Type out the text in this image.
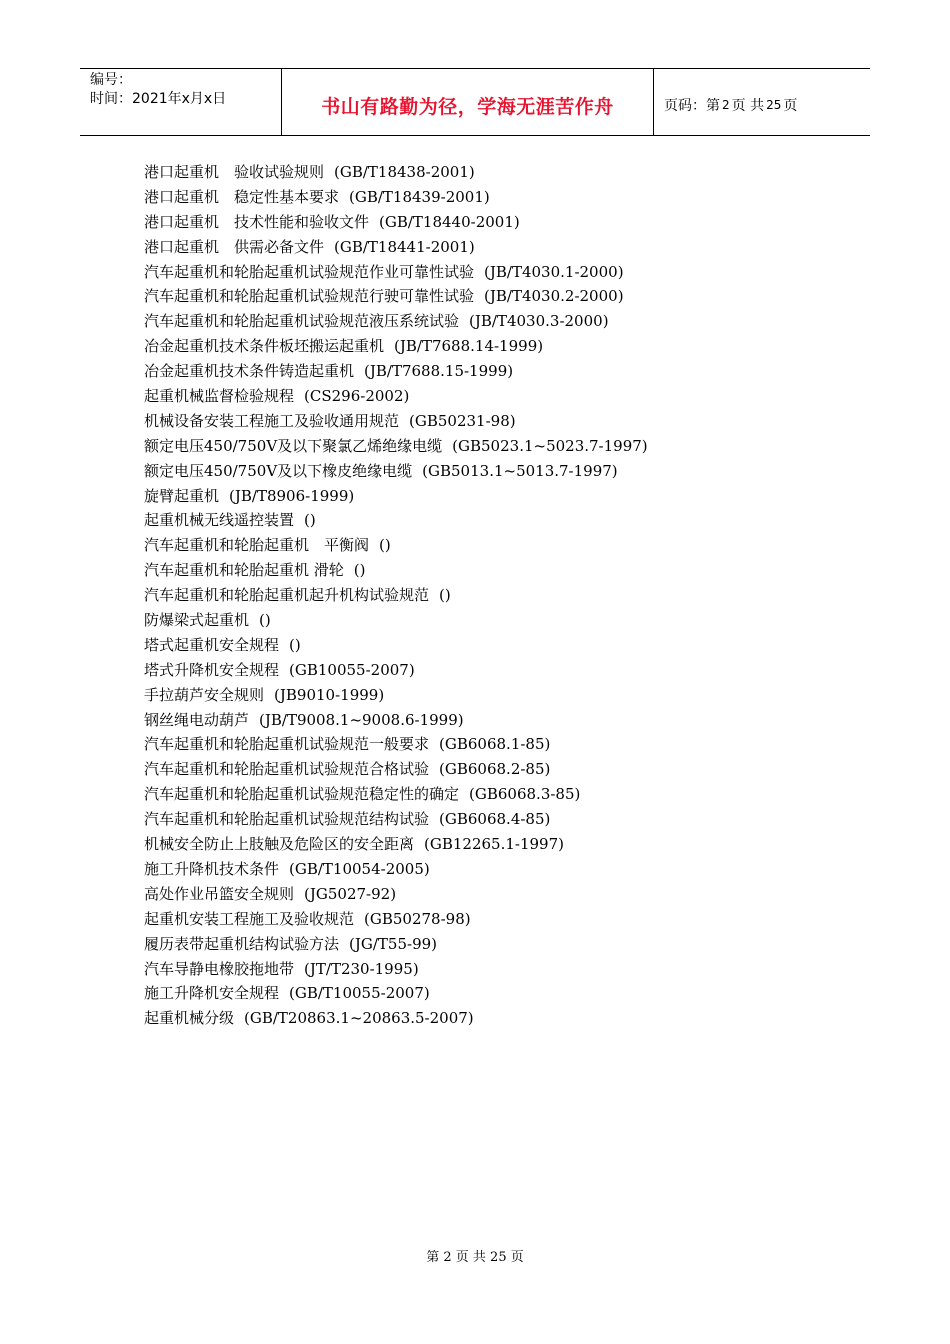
编号：
时间：2021年x月x日	书山有路勤为径，学海无涯苦作舟	页码：第 2 页 共 25 页
港口起重机　验收试验规则 (GB/T18438-2001)
港口起重机　稳定性基本要求 (GB/T18439-2001)
港口起重机　技术性能和验收文件 (GB/T18440-2001)
港口起重机　供需必备文件 (GB/T18441-2001)
汽车起重机和轮胎起重机试验规范作业可靠性试验 (JB/T4030.1-2000)
汽车起重机和轮胎起重机试验规范行驶可靠性试验 (JB/T4030.2-2000)
汽车起重机和轮胎起重机试验规范液压系统试验 (JB/T4030.3-2000)
冶金起重机技术条件板坯搬运起重机 (JB/T7688.14-1999)
冶金起重机技术条件铸造起重机 (JB/T7688.15-1999)
起重机械监督检验规程 (CS296-2002)
机械设备安装工程施工及验收通用规范 (GB50231-98)
额定电压450/750V及以下聚氯乙烯绝缘电缆 (GB5023.1~5023.7-1997)
额定电压450/750V及以下橡皮绝缘电缆 (GB5013.1~5013.7-1997)
旋臂起重机 (JB/T8906-1999)
起重机械无线遥控装置 ()
汽车起重机和轮胎起重机　平衡阀 ()
汽车起重机和轮胎起重机 滑轮 ()
汽车起重机和轮胎起重机起升机构试验规范 ()
防爆梁式起重机 ()
塔式起重机安全规程 ()
塔式升降机安全规程 (GB10055-2007)
手拉葫芦安全规则 (JB9010-1999)
钢丝绳电动葫芦 (JB/T9008.1~9008.6-1999)
汽车起重机和轮胎起重机试验规范一般要求 (GB6068.1-85)
汽车起重机和轮胎起重机试验规范合格试验 (GB6068.2-85)
汽车起重机和轮胎起重机试验规范稳定性的确定 (GB6068.3-85)
汽车起重机和轮胎起重机试验规范结构试验 (GB6068.4-85)
机械安全防止上肢触及危险区的安全距离 (GB12265.1-1997)
施工升降机技术条件 (GB/T10054-2005)
高处作业吊篮安全规则 (JG5027-92)
起重机安装工程施工及验收规范 (GB50278-98)
履历表带起重机结构试验方法 (JG/T55-99)
汽车导静电橡胶拖地带 (JT/T230-1995)
施工升降机安全规程 (GB/T10055-2007)
起重机械分级 (GB/T20863.1~20863.5-2007)
第 2 页 共 25 页
